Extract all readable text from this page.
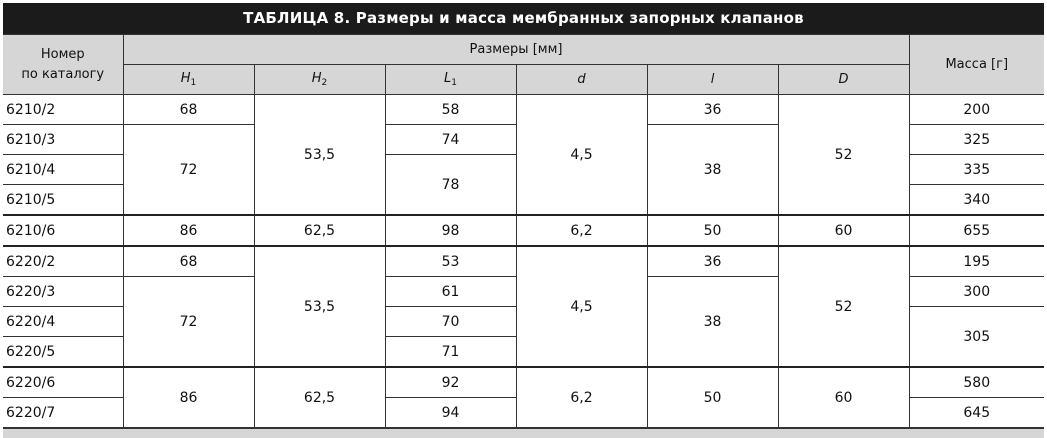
ТАБЛИЦА 8. Размеры и масса мембранных запорных клапанов
Номер
по каталогу	Размеры [мм]						Масса [г]
	$H_1$	$H_2$	$L_1$	d	l	D	
6210/2	68	53,5	58	4,5	36	52	200
6210/3	72		74		38		325
6210/4			78				335
6210/5							340
6210/6	86	62,5	98	6,2	50	60	655
6220/2	68	53,5	53	4,5	36	52	195
6220/3	72		61		38		300
6220/4			70				305
6220/5			71				
6220/6	86	62,5	92	6,2	50	60	580
6220/7			94				645
